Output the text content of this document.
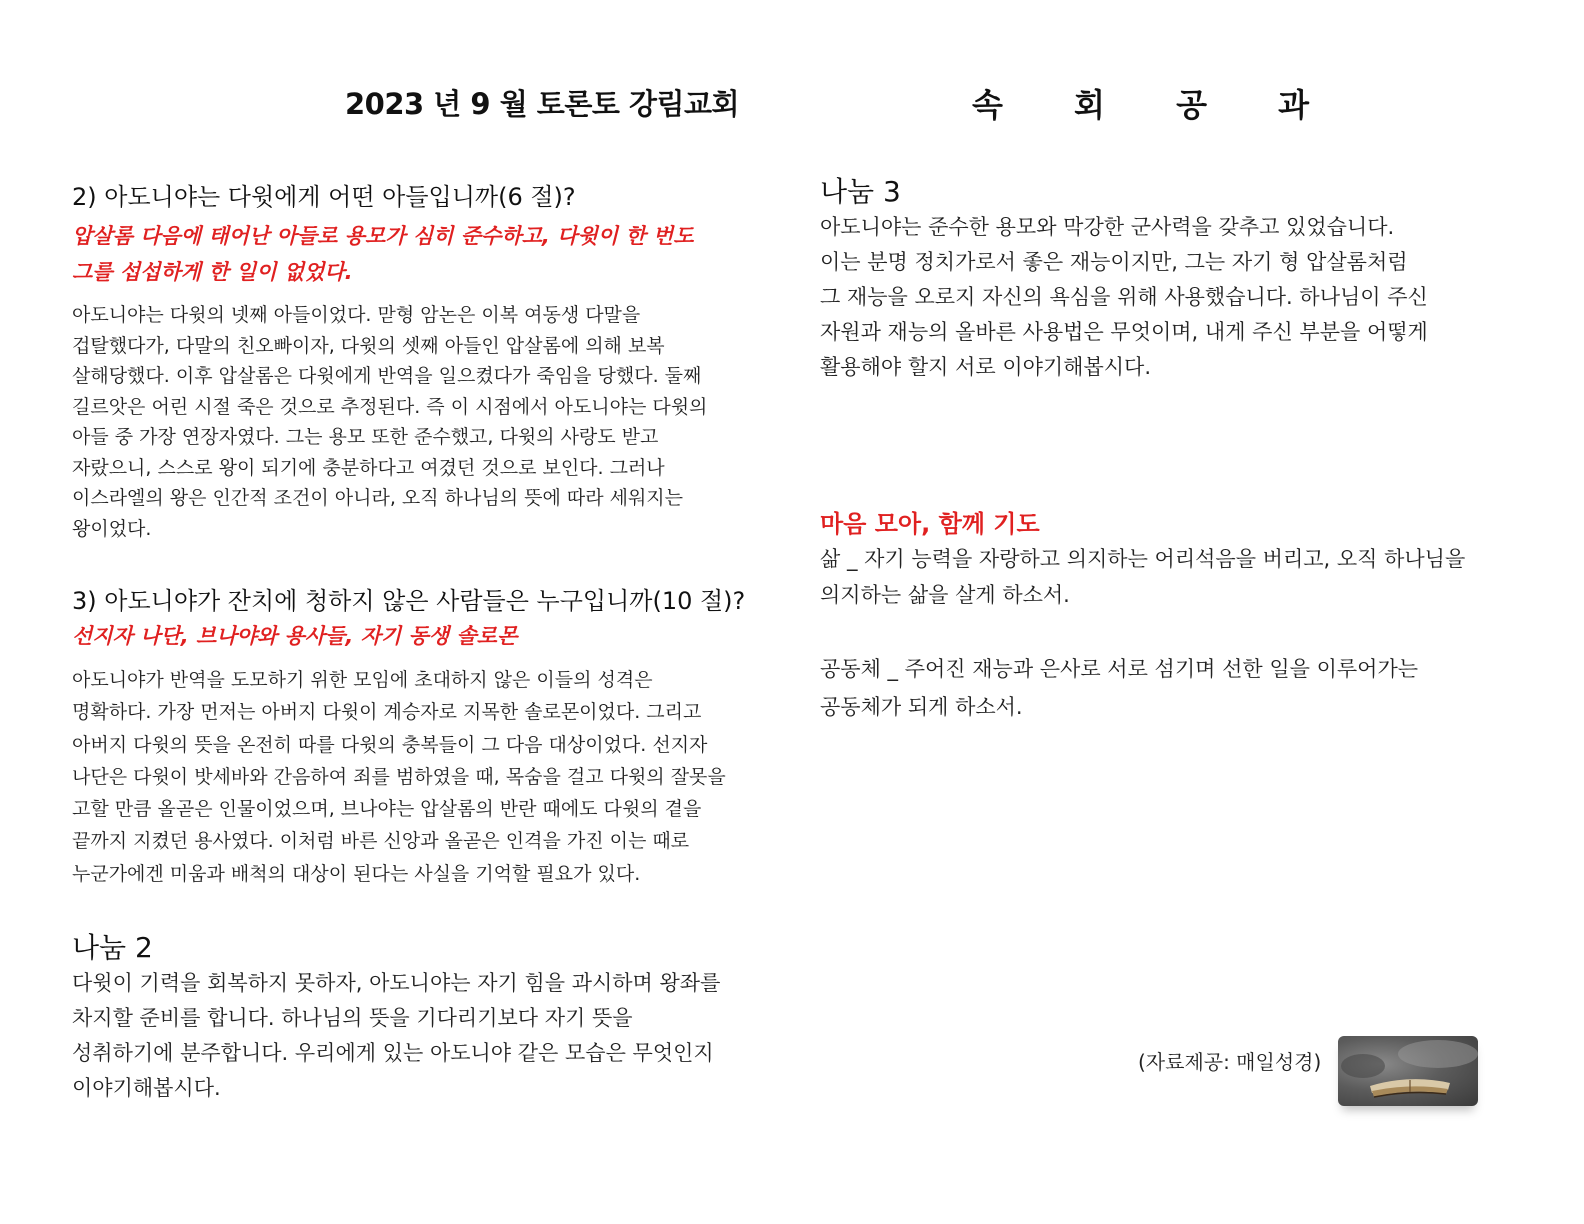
2023 년 9 월 토론토 강림교회	속 회 공 과

2) 아도니야는 다윗에게 어떤 아들입니까(6 절)?

압살롬 다음에 태어난 아들로 용모가 심히 준수하고, 다윗이 한 번도

그를 섭섭하게 한 일이 없었다.

아도니야는 다윗의 넷째 아들이었다. 맏형 암논은 이복 여동생 다말을
겁탈했다가, 다말의 친오빠이자, 다윗의 셋째 아들인 압살롬에 의해 보복
살해당했다. 이후 압살롬은 다윗에게 반역을 일으켰다가 죽임을 당했다. 둘째
길르앗은 어린 시절 죽은 것으로 추정된다. 즉 이 시점에서 아도니야는 다윗의
아들 중 가장 연장자였다. 그는 용모 또한 준수했고, 다윗의 사랑도 받고
자랐으니, 스스로 왕이 되기에 충분하다고 여겼던 것으로 보인다. 그러나
이스라엘의 왕은 인간적 조건이 아니라, 오직 하나님의 뜻에 따라 세워지는
왕이었다.

3) 아도니야가 잔치에 청하지 않은 사람들은 누구입니까(10 절)?

선지자 나단, 브나야와 용사들, 자기 동생 솔로몬

아도니야가 반역을 도모하기 위한 모임에 초대하지 않은 이들의 성격은
명확하다. 가장 먼저는 아버지 다윗이 계승자로 지목한 솔로몬이었다. 그리고
아버지 다윗의 뜻을 온전히 따를 다윗의 충복들이 그 다음 대상이었다. 선지자
나단은 다윗이 밧세바와 간음하여 죄를 범하였을 때, 목숨을 걸고 다윗의 잘못을
고할 만큼 올곧은 인물이었으며, 브나야는 압살롬의 반란 때에도 다윗의 곁을
끝까지 지켰던 용사였다. 이처럼 바른 신앙과 올곧은 인격을 가진 이는 때로
누군가에겐 미움과 배척의 대상이 된다는 사실을 기억할 필요가 있다.

나눔 2

다윗이 기력을 회복하지 못하자, 아도니야는 자기 힘을 과시하며 왕좌를
차지할 준비를 합니다. 하나님의 뜻을 기다리기보다 자기 뜻을
성취하기에 분주합니다. 우리에게 있는 아도니야 같은 모습은 무엇인지
이야기해봅시다.

나눔 3

아도니야는 준수한 용모와 막강한 군사력을 갖추고 있었습니다.
이는 분명 정치가로서 좋은 재능이지만, 그는 자기 형 압살롬처럼
그 재능을 오로지 자신의 욕심을 위해 사용했습니다. 하나님이 주신
자원과 재능의 올바른 사용법은 무엇이며, 내게 주신 부분을 어떻게
활용해야 할지 서로 이야기해봅시다.

마음 모아, 함께 기도

삶 _ 자기 능력을 자랑하고 의지하는 어리석음을 버리고, 오직 하나님을

의지하는 삶을 살게 하소서.

공동체 _ 주어진 재능과 은사로 서로 섬기며 선한 일을 이루어가는

공동체가 되게 하소서.

(자료제공: 매일성경)
